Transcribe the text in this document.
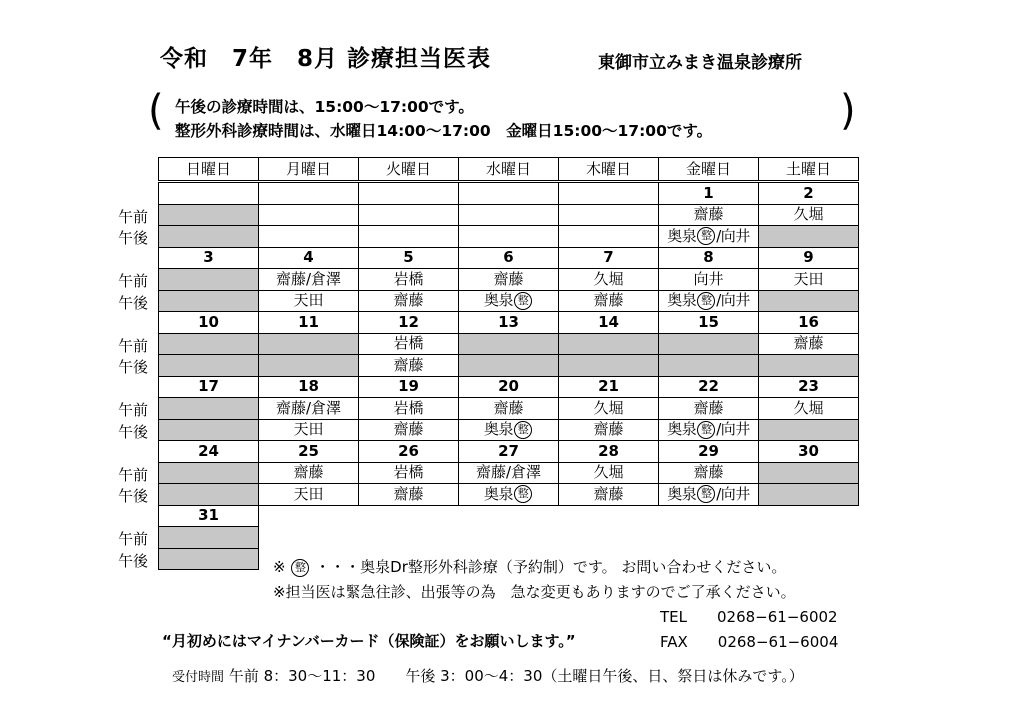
令和　7年　8月 診療担当医表	東御市立みまき温泉診療所
( 午後の診療時間は、15:00〜17:00です。
整形外科診療時間は、水曜日14:00〜17:00　金曜日15:00〜17:00です。	)
日曜日	月曜日	火曜日	水曜日	木曜日	金曜日	土曜日
					1	2
					齋藤	久堀
					奥泉 整 /向井	
3	4	5	6	7	8	9
	齋藤/倉澤	岩橋	齋藤	久堀	向井	天田
	天田	齋藤	奥泉 整	齋藤	奥泉 整 /向井	
10	11	12	13	14	15	16
		岩橋				齋藤
		齋藤				
17	18	19	20	21	22	23
	齋藤/倉澤	岩橋	齋藤	久堀	齋藤	久堀
	天田	齋藤	奥泉 整	齋藤	奥泉 整 /向井	
24	25	26	27	28	29	30
	齋藤	岩橋	齋藤/倉澤	久堀	齋藤	
	天田	齋藤	奥泉 整	齋藤	奥泉 整 /向井	
31						

午前
午後
午前
午後
午前
午後
午前
午後
午前
午後
午前
午後	※ 整 ・・・奥泉Dr整形外科診療（予約制）です。 お問い合わせください。
※担当医は緊急往診、出張等の為　急な変更もありますのでご了承ください。
TEL　　0268−61−6002
FAX　　0268−61−6004
“月初めにはマイナンバーカード（保険証）をお願いします。”
受付時間 午前 8：30〜11：30　　午後 3：00〜4：30（土曜日午後、日、祭日は休みです。）
